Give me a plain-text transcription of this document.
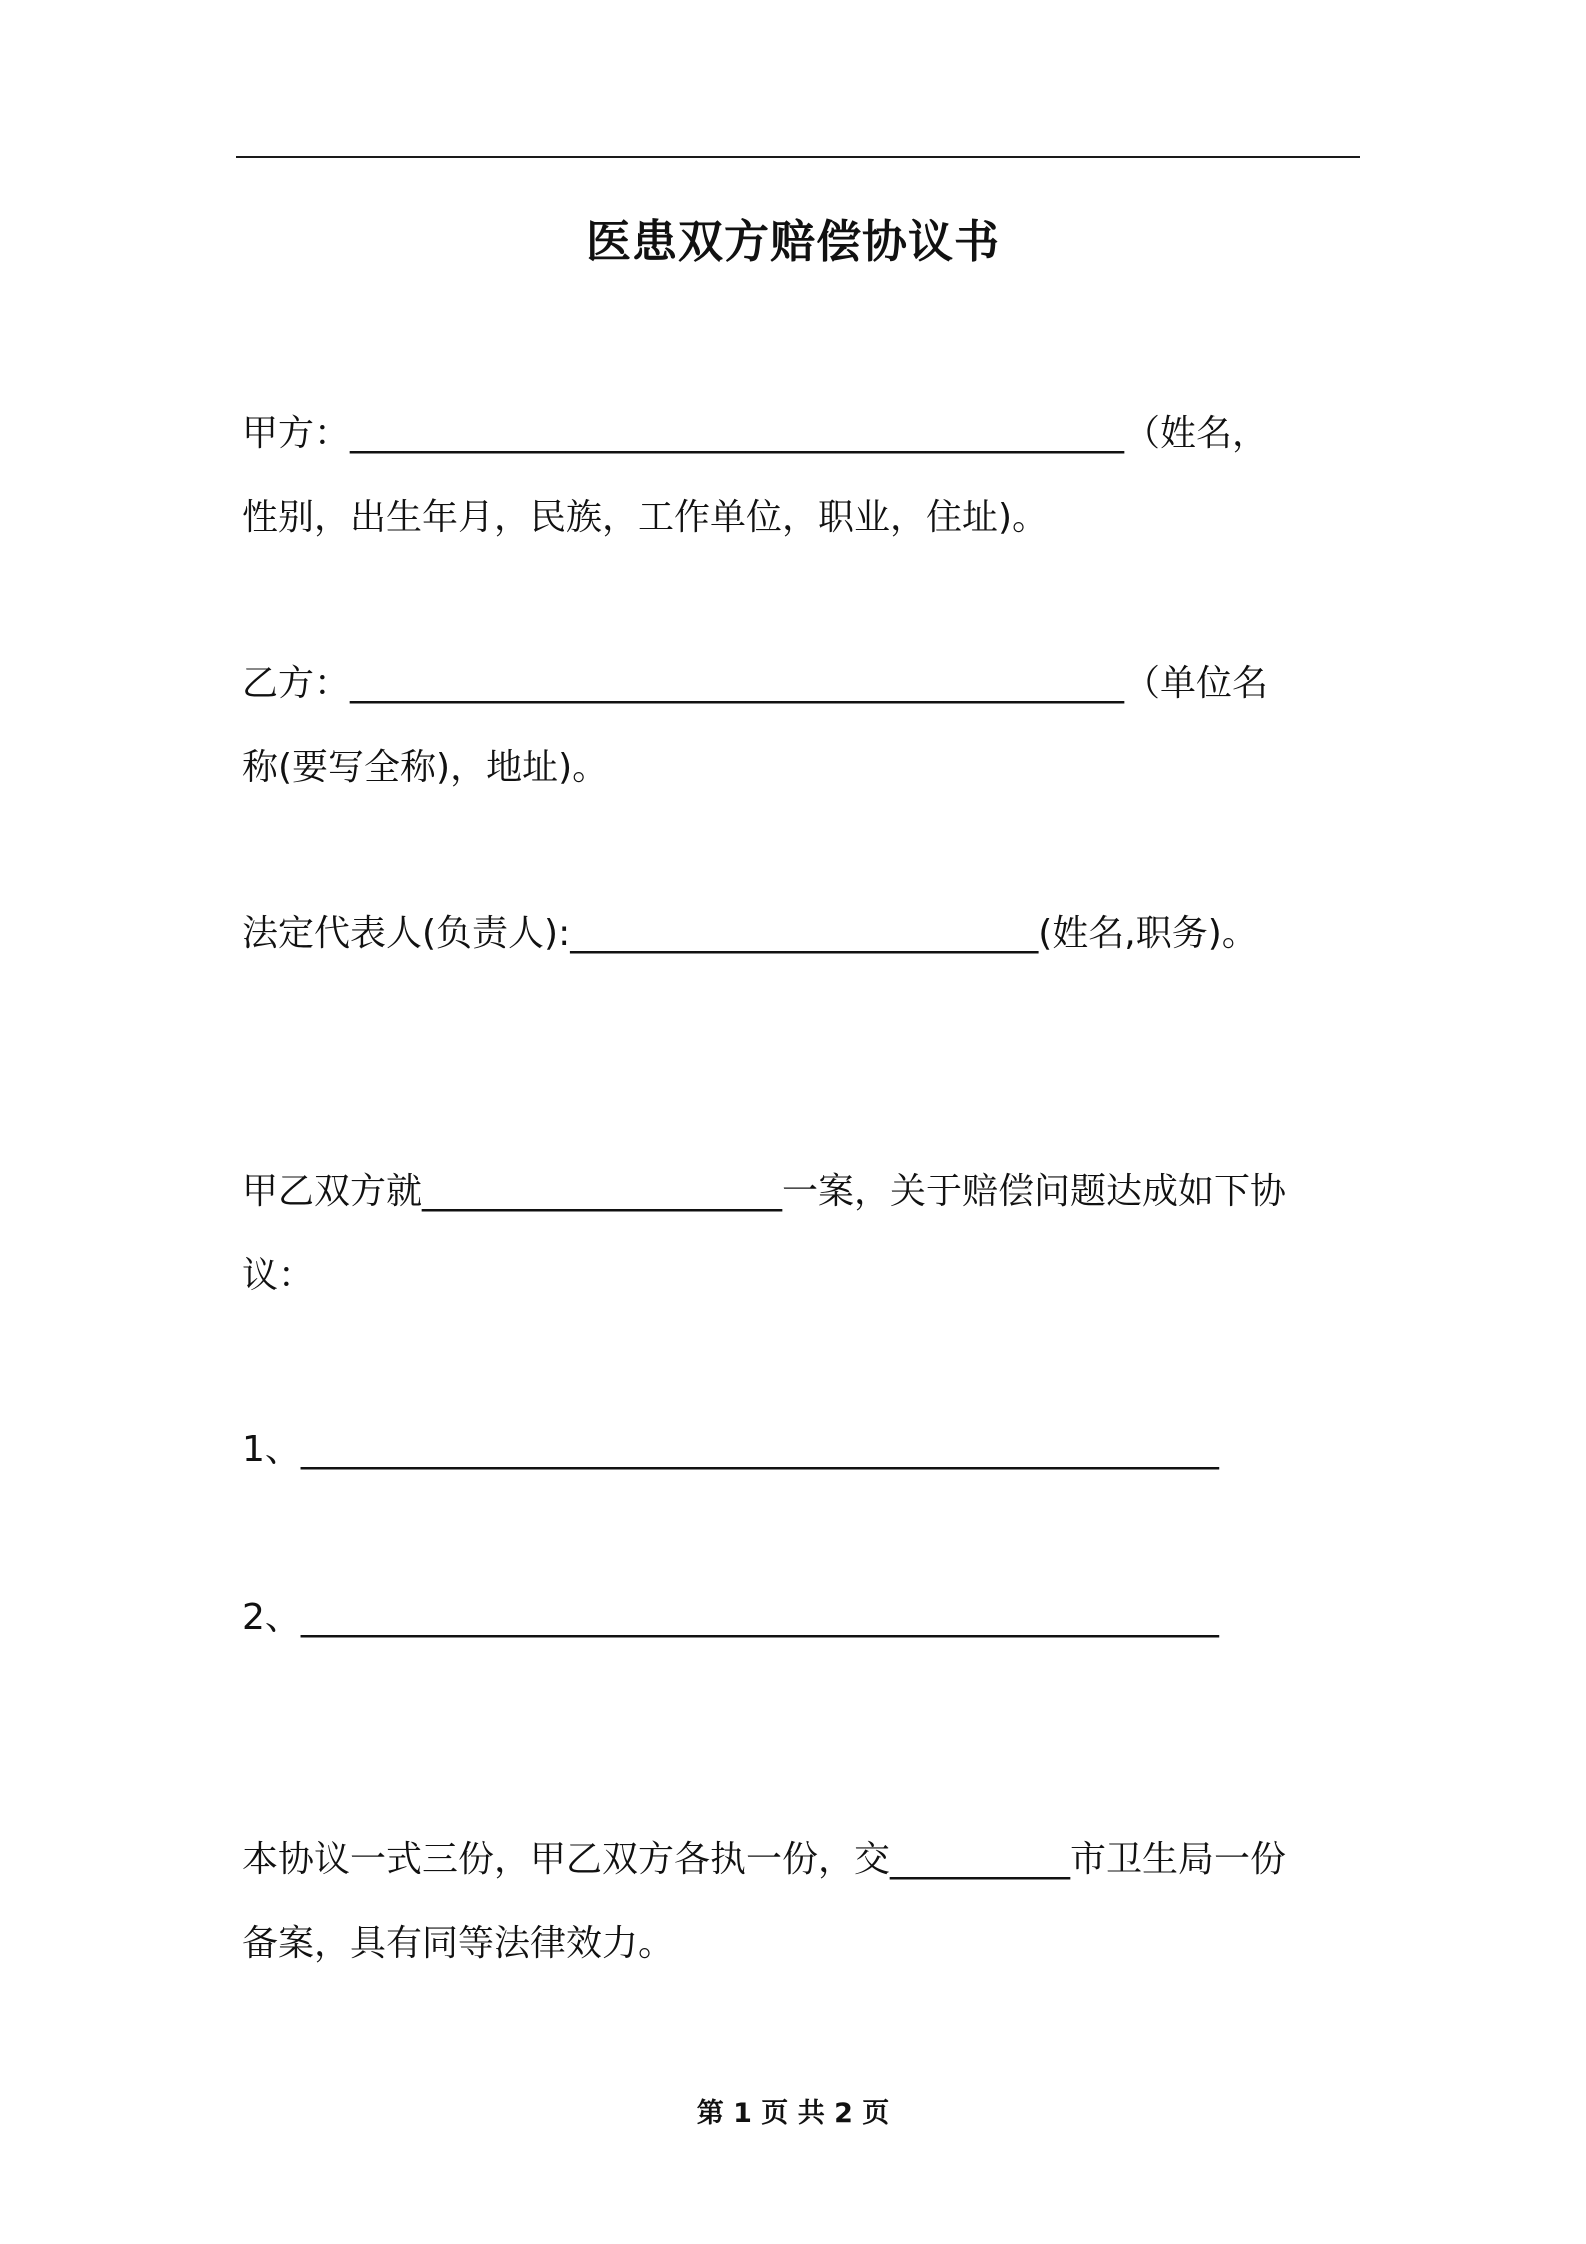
医患双方赔偿协议书
甲方：___________________________________________（姓名，
性别，出生年月，民族，工作单位，职业，住址)。
乙方：___________________________________________（单位名
称(要写全称)，地址)。
法定代表人(负责人):__________________________(姓名,职务)。
甲乙双方就____________________一案，关于赔偿问题达成如下协
议：
1、___________________________________________________
2、___________________________________________________
本协议一式三份，甲乙双方各执一份，交__________市卫生局一份
备案，具有同等法律效力。
第 1 页 共 2 页
